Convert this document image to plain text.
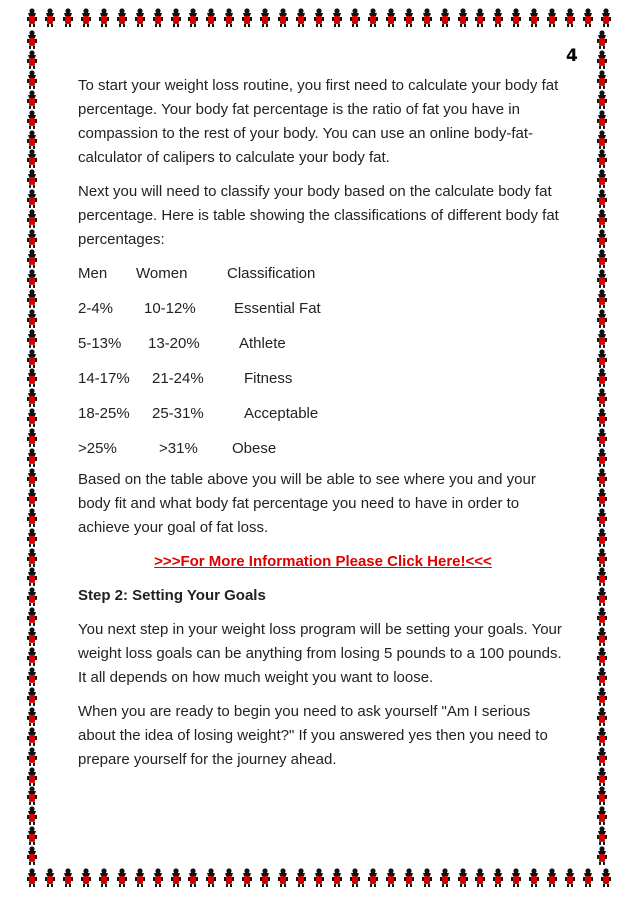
4

To start your weight loss routine, you first need to calculate your body fat percentage. Your body fat percentage is the ratio of fat you have in compassion to the rest of your body. You can use an online body-fat-calculator of calipers to calculate your body fat.

Next you will need to classify your body based on the calculate body fat percentage. Here is table showing the classifications of different body fat percentages:

Men	Women	Classification
2-4%	10-12%	Essential Fat
5-13%	13-20%	Athlete
14-17%	21-24%	Fitness
18-25%	25-31%	Acceptable
>25%	>31%	Obese

Based on the table above you will be able to see where you and your body fit and what body fat percentage you need to have in order to achieve your goal of fat loss.

>>>For More Information Please Click Here!<<<
Step 2: Setting Your Goals

You next step in your weight loss program will be setting your goals. Your weight loss goals can be anything from losing 5 pounds to a 100 pounds. It all depends on how much weight you want to loose.

When you are ready to begin you need to ask yourself "Am I serious about the idea of losing weight?" If you answered yes then you need to prepare yourself for the journey ahead.
